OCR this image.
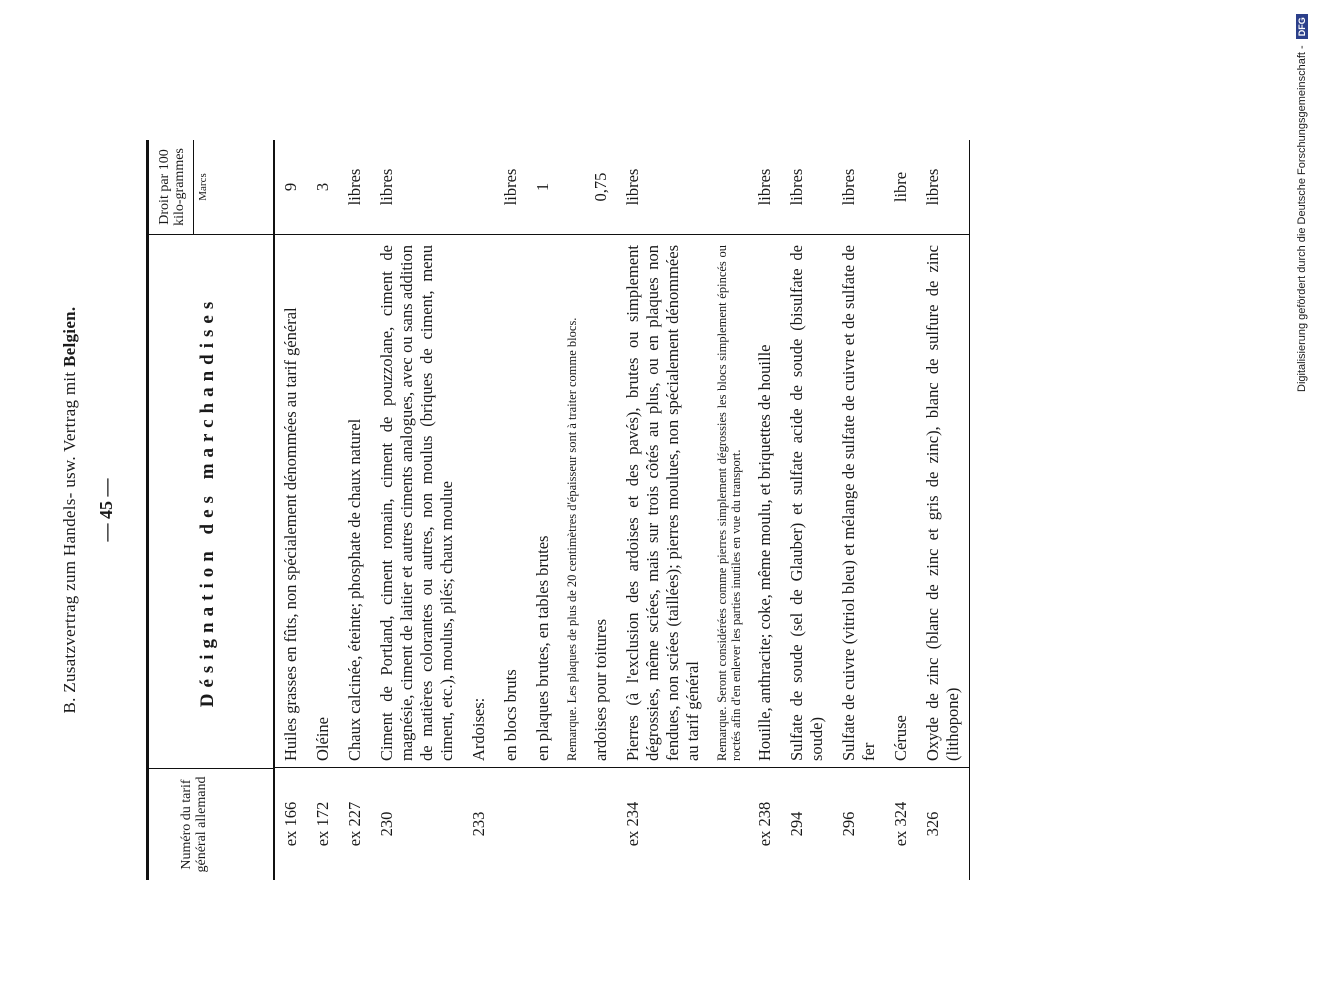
B. Zusatzvertrag zum Handels- usw. Vertrag mit Belgien.
— 45 —
Numéro du tarif général allemand
Désignation des marchandises
Droit par 100 kilo-grammes Marcs
ex 166
Huiles grasses en fûts, non spécialement dénommées au tarif général
9
ex 172
Oléine
3
ex 227
Chaux calcinée, éteinte; phosphate de chaux naturel
libres
230
Ciment de Portland, ciment romain, ciment de pouzzolane, ciment de magnésie, ciment de laitier et autres ciments analogues, avec ou sans addition de matières colorantes ou autres, non moulus (briques de ciment, menu ciment, etc.), moulus, pilés; chaux moulue
libres
233
Ardoises: en blocs bruts
libres
en plaques brutes, en tables brutes
1
Remarque. Les plaques de plus de 20 centimètres d'épaisseur sont à traiter comme blocs. ardoises pour toitures
0,75
ex 234
Pierres (à l'exclusion des ardoises et des pavés), brutes ou simplement dégrossies, même sciées, mais sur trois côtés au plus, ou en plaques non fendues, non sciées (taillées); pierres moulues, non spécialement dénommées au tarif général
libres
Remarque. Seront considérées comme pierres simplement dégrossies les blocs simplement épincés ou roctés afin d'en enlever les parties inutiles en vue du transport.
ex 238
Houille, anthracite; coke, même moulu, et briquettes de houille
libres
294
Sulfate de soude (sel de Glauber) et sulfate acide de soude (bisulfate de soude)
libres
296
Sulfate de cuivre (vitriol bleu) et mélange de sulfate de cuivre et de sulfate de fer
libres
ex 324
Céruse
libre
326
Oxyde de zinc (blanc de zinc et gris de zinc), blanc de sulfure de zinc (lithopone)
libres	Digitalisierung gefördert durch die Deutsche Forschungsgemeinschaft - DFG
